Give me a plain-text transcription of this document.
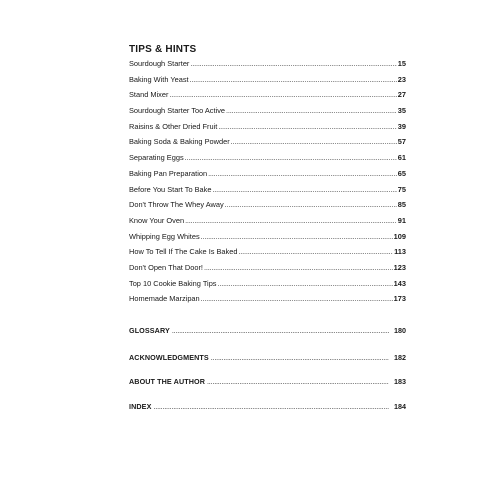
TIPS & HINTS
Sourdough Starter .....	15
Baking With Yeast .....	23
Stand Mixer .....	27
Sourdough Starter Too Active .....	35
Raisins & Other Dried Fruit .....	39
Baking Soda & Baking Powder .....	57
Separating Eggs .....	61
Baking Pan Preparation .....	65
Before You Start To Bake .....	75
Don't Throw The Whey Away .....	85
Know Your Oven .....	91
Whipping Egg Whites .....	109
How To Tell If The Cake Is Baked .....	113
Don't Open That Door! .....	123
Top 10 Cookie Baking Tips .....	143
Homemade Marzipan .....	173
GLOSSARY .....	180
ACKNOWLEDGMENTS .....	182
ABOUT THE AUTHOR .....	183
INDEX .....	184
